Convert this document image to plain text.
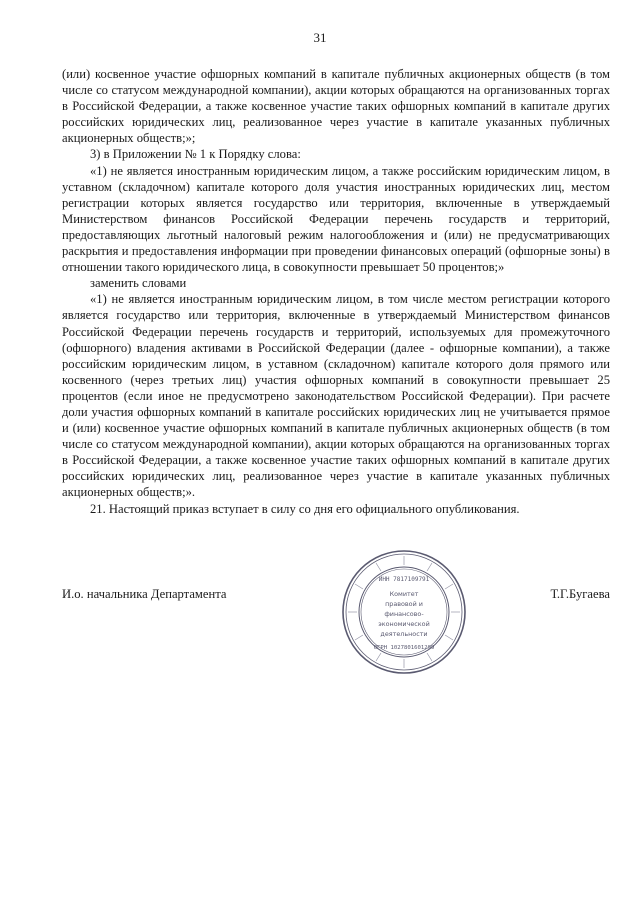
31

(или) косвенное участие офшорных компаний в капитале публичных акционерных обществ (в том числе со статусом международной компании), акции которых обращаются на организованных торгах в Российской Федерации, а также косвенное участие таких офшорных компаний в капитале других российских юридических лиц, реализованное через участие в капитале указанных публичных акционерных обществ;»;

3) в Приложении № 1 к Порядку слова:

«1) не является иностранным юридическим лицом, а также российским юридическим лицом, в уставном (складочном) капитале которого доля участия иностранных юридических лиц, местом регистрации которых является государство или территория, включенные в утверждаемый Министерством финансов Российской Федерации перечень государств и территорий, предоставляющих льготный налоговый режим налогообложения и (или) не предусматривающих раскрытия и предоставления информации при проведении финансовых операций (офшорные зоны) в отношении такого юридического лица, в совокупности превышает 50 процентов;»

заменить словами

«1) не является иностранным юридическим лицом, в том числе местом регистрации которого является государство или территория, включенные в утверждаемый Министерством финансов Российской Федерации перечень государств и территорий, используемых для промежуточного (офшорного) владения активами в Российской Федерации (далее - офшорные компании), а также российским юридическим лицом, в уставном (складочном) капитале которого доля прямого или косвенного (через третьих лиц) участия офшорных компаний в совокупности превышает 25 процентов (если иное не предусмотрено законодательством Российской Федерации). При расчете доли участия офшорных компаний в капитале российских юридических лиц не учитывается прямое и (или) косвенное участие офшорных компаний в капитале публичных акционерных обществ (в том числе со статусом международной компании), акции которых обращаются на организованных торгах в Российской Федерации, а также косвенное участие таких офшорных компаний в капитале других российских юридических лиц, реализованное через участие в капитале указанных публичных акционерных обществ;».

21. Настоящий приказ вступает в силу со дня его официального опубликования.

И.о. начальника Департамента	Т.Г.Бугаева
ИНН 7817109791
Комитет
правовой и
финансово-
экономической
деятельности
ОГРН 1027801601299
